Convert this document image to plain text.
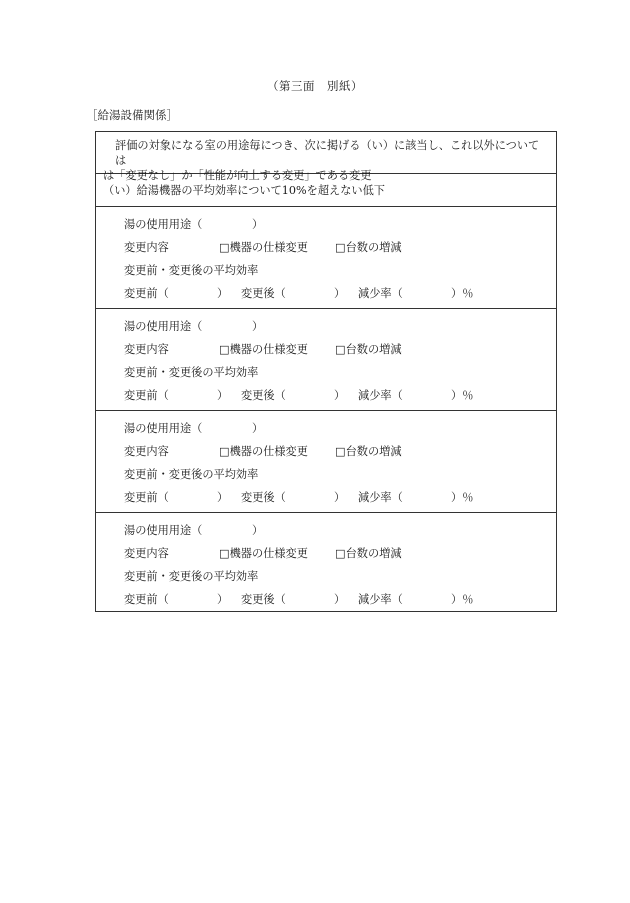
（第三面　別紙）
［給湯設備関係］
評価の対象になる室の用途毎につき、次に掲げる（い）に該当し、これ以外については
は「変更なし」か「性能が向上する変更」である変更
（い）給湯機器の平均効率について10%を超えない低下
湯の使用用途（	）
変更内容	□機器の仕様変更 □台数の増減
変更前・変更後の平均効率
変更前（	） 変更後（	） 減少率（	）％
湯の使用用途（	）
変更内容	□機器の仕様変更 □台数の増減
変更前・変更後の平均効率
変更前（	） 変更後（	） 減少率（	）％
湯の使用用途（	）
変更内容	□機器の仕様変更 □台数の増減
変更前・変更後の平均効率
変更前（	） 変更後（	） 減少率（	）％
湯の使用用途（	）
変更内容	□機器の仕様変更 □台数の増減
変更前・変更後の平均効率
変更前（	） 変更後（	） 減少率（	）％
